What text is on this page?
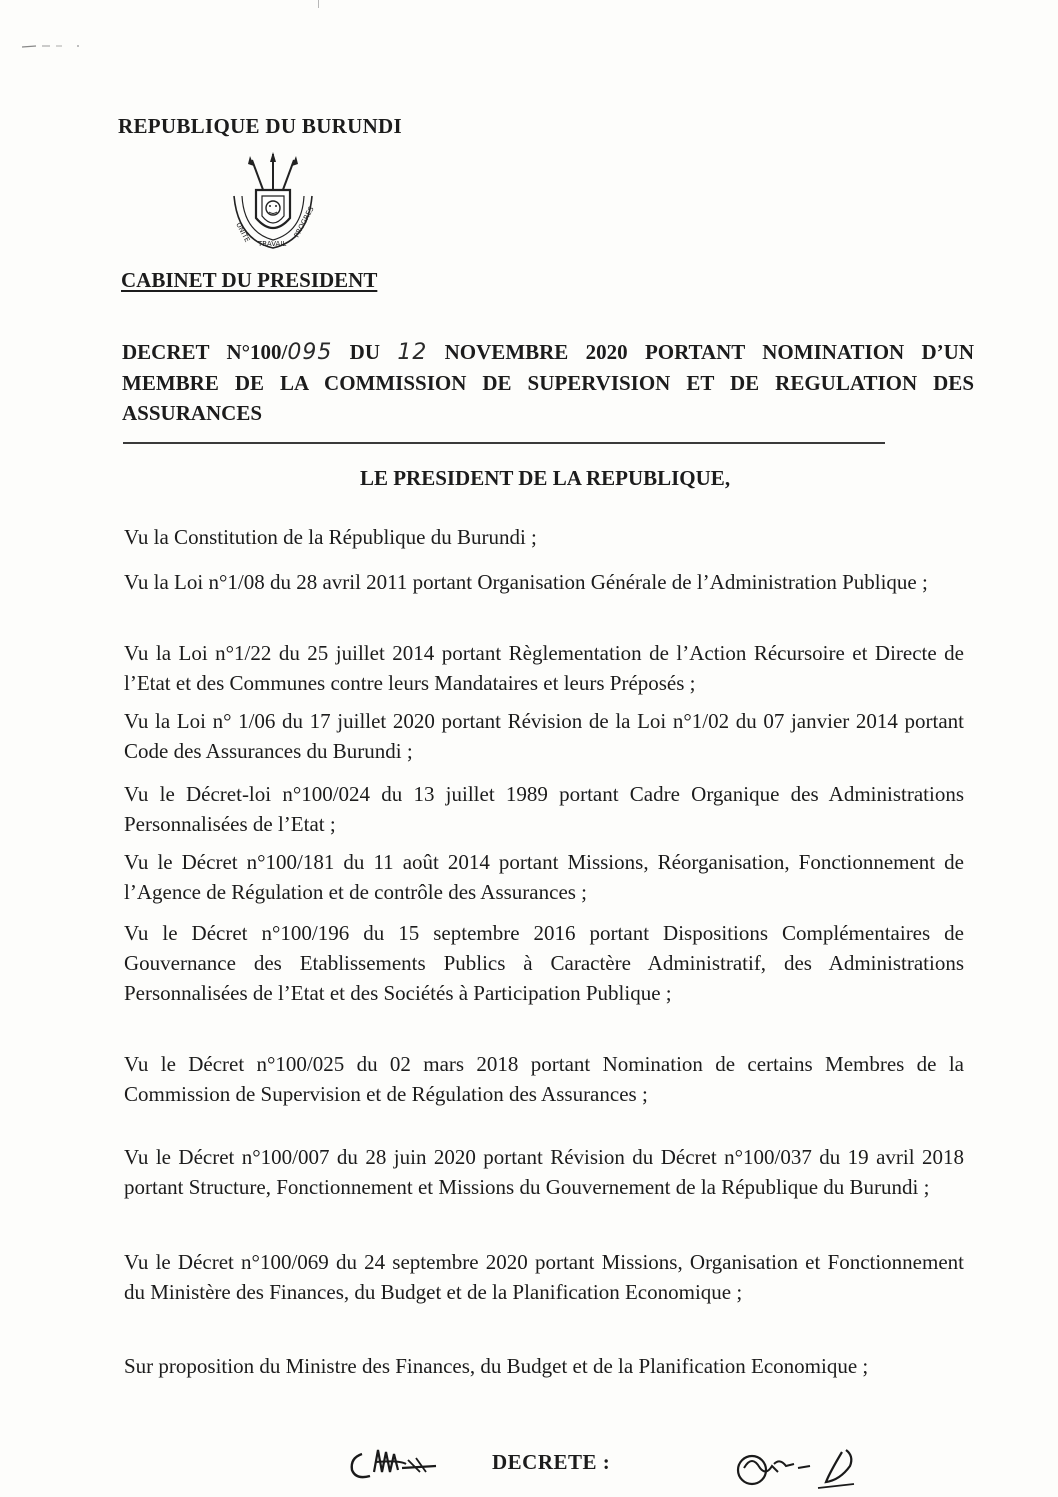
REPUBLIQUE DU BURUNDI
UNITE
TRAVAIL
PROGRES
CABINET DU PRESIDENT
DECRET N°100/095 DU 12 NOVEMBRE 2020 PORTANT NOMINATION D’UN MEMBRE DE LA COMMISSION DE SUPERVISION ET DE REGULATION DES ASSURANCES
LE PRESIDENT DE LA REPUBLIQUE,
Vu la Constitution de la République du Burundi ;
Vu la Loi n°1/08 du 28 avril 2011 portant Organisation Générale de l’Administration Publique ;
Vu la Loi n°1/22 du 25 juillet 2014 portant Règlementation de l’Action Récursoire et Directe de l’Etat et des Communes contre leurs Mandataires et leurs Préposés ;
Vu la Loi n° 1/06 du 17 juillet 2020 portant Révision de la Loi n°1/02 du 07 janvier 2014 portant Code des Assurances du Burundi ;
Vu le Décret-loi n°100/024 du 13 juillet 1989 portant Cadre Organique des Administrations Personnalisées de l’Etat ;
Vu le Décret n°100/181 du 11 août 2014 portant Missions, Réorganisation, Fonctionnement de l’Agence de Régulation et de contrôle des Assurances ;
Vu le Décret n°100/196 du 15 septembre 2016 portant Dispositions Complémentaires de Gouvernance des Etablissements Publics à Caractère Administratif, des Administrations Personnalisées de l’Etat et des Sociétés à Participation Publique ;
Vu le Décret n°100/025 du 02 mars 2018 portant Nomination de certains Membres de la Commission de Supervision et de Régulation des Assurances ;
Vu le Décret n°100/007 du 28 juin 2020 portant Révision du Décret n°100/037 du 19 avril 2018 portant Structure, Fonctionnement et Missions du Gouvernement de la République du Burundi ;
Vu le Décret n°100/069 du 24 septembre 2020 portant Missions, Organisation et Fonctionnement du Ministère des Finances, du Budget et de la Planification Economique ;
Sur proposition du Ministre des Finances, du Budget et de la Planification Economique ;
DECRETE :
